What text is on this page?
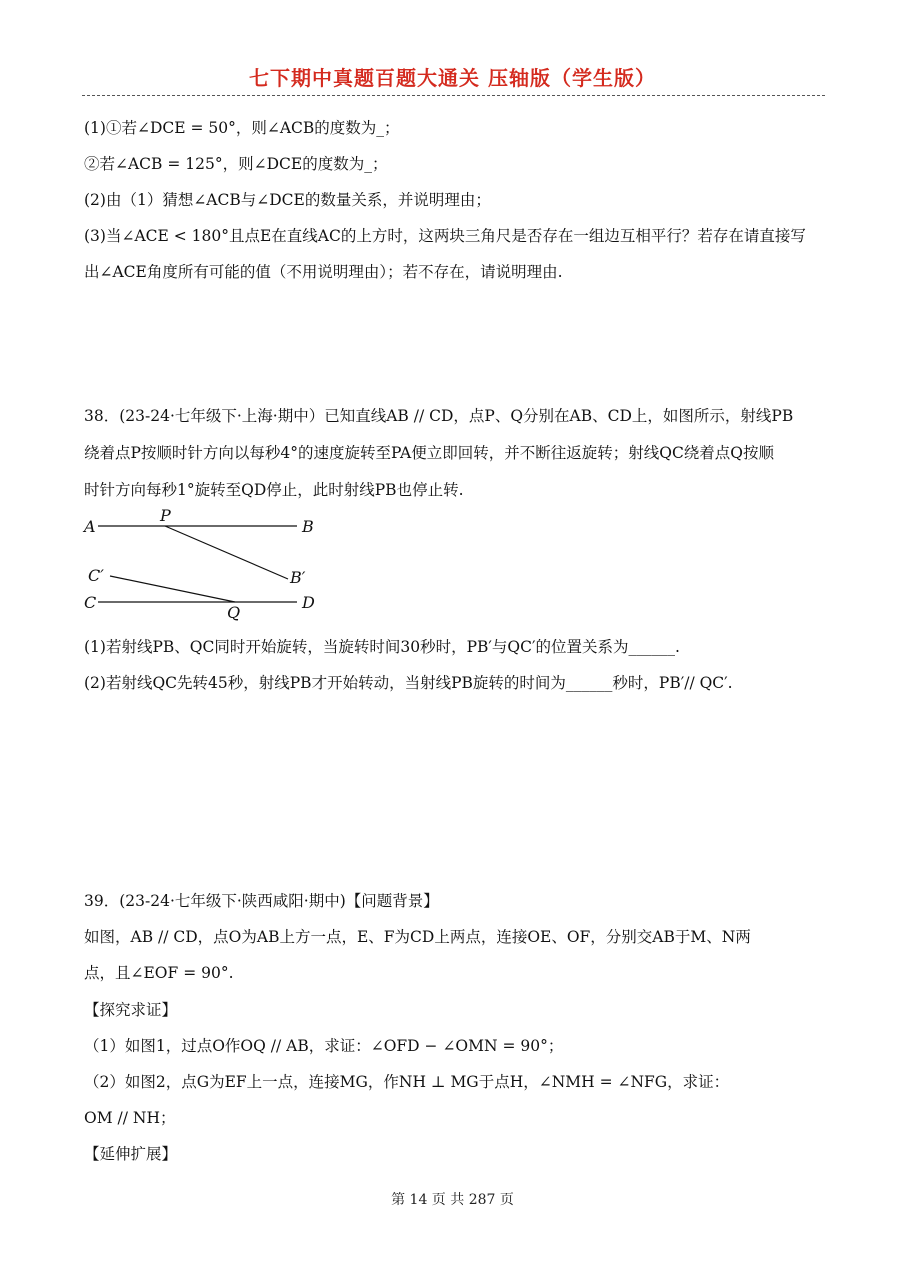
七下期中真题百题大通关 压轴版（学生版）
(1)①若∠DCE = 50°，则∠ACB的度数为_；
②若∠ACB = 125°，则∠DCE的度数为_；
(2)由（1）猜想∠ACB与∠DCE的数量关系，并说明理由；
(3)当∠ACE < 180°且点E在直线AC的上方时，这两块三角尺是否存在一组边互相平行？若存在请直接写
出∠ACE角度所有可能的值（不用说明理由）；若不存在，请说明理由.
38．(23-24·七年级下·上海·期中）已知直线AB // CD，点P、Q分别在AB、CD上，如图所示，射线PB
绕着点P按顺时针方向以每秒4°的速度旋转至PA便立即回转，并不断往返旋转；射线QC绕着点Q按顺
时针方向每秒1°旋转至QD停止，此时射线PB也停止转.
A
P
B
C′	B′
C
Q
D
(1)若射线PB、QC同时开始旋转，当旋转时间30秒时，PB′与QC′的位置关系为______.
(2)若射线QC先转45秒，射线PB才开始转动，当射线PB旋转的时间为______秒时，PB′// QC′.
39．(23-24·七年级下·陕西咸阳·期中)【问题背景】
如图，AB // CD，点O为AB上方一点，E、F为CD上两点，连接OE、OF，分别交AB于M、N两
点，且∠EOF = 90°.
【探究求证】
（1）如图1，过点O作OQ // AB，求证：∠OFD − ∠OMN = 90°；
（2）如图2，点G为EF上一点，连接MG，作NH ⊥ MG于点H，∠NMH = ∠NFG，求证：
OM // NH；
【延伸扩展】
第 14 页 共 287 页
